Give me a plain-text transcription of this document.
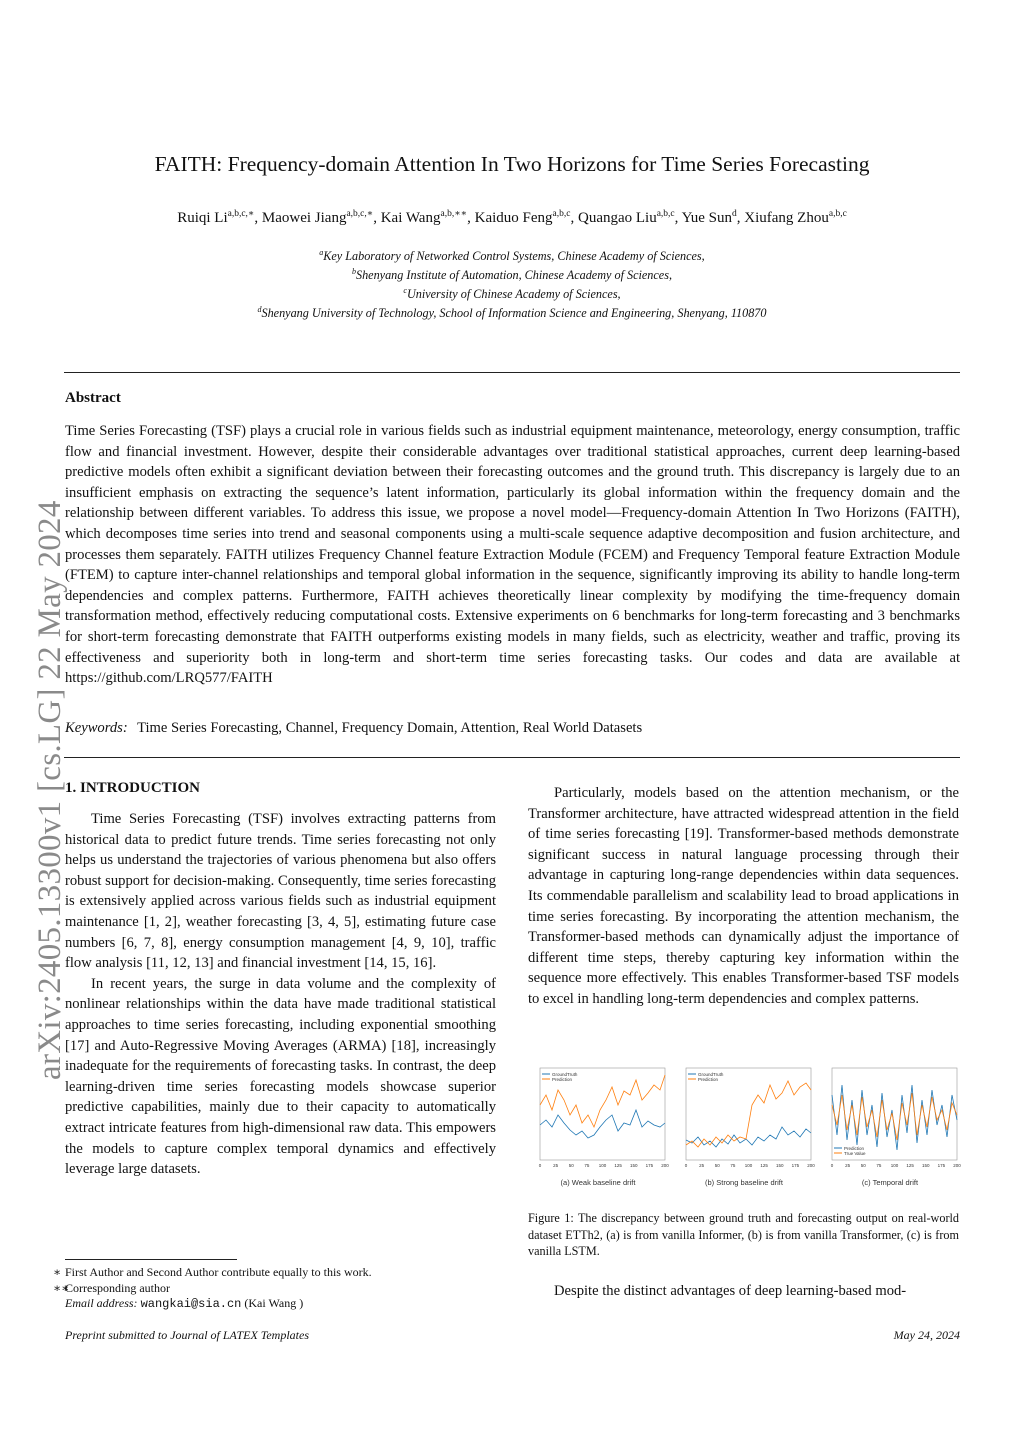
arXiv:2405.13300v1 [cs.LG] 22 May 2024
FAITH: Frequency-domain Attention In Two Horizons for Time Series Forecasting
Ruiqi $Li^{a,b,c,∗}$, Maowei Jiang$^{a,b,c,∗}$, Kai Wang$^{a,b,∗∗}$, Kaiduo Feng$^{a,b,c}$, Quangao Liu$^{a,b,c}$, Yue Sun$^d$, Xiufang Zhou$^{a,b,c}$
$^a$Key Laboratory of Networked Control Systems, Chinese Academy of Sciences,
$^b$Shenyang Institute of Automation, Chinese Academy of Sciences,
$^c$University of Chinese Academy of Sciences,
$^d$Shenyang University of Technology, School of Information Science and Engineering, Shenyang, 110870
Abstract
Time Series Forecasting (TSF) plays a crucial role in various fields such as industrial equipment maintenance, meteorology, energy consumption, traffic flow and financial investment. However, despite their considerable advantages over traditional statistical approaches, current deep learning-based predictive models often exhibit a significant deviation between their forecasting outcomes and the ground truth. This discrepancy is largely due to an insufficient emphasis on extracting the sequence’s latent information, particularly its global information within the frequency domain and the relationship between different variables. To address this issue, we propose a novel model—Frequency-domain Attention In Two Horizons (FAITH), which decomposes time series into trend and seasonal components using a multi-scale sequence adaptive decomposition and fusion architecture, and processes them separately. FAITH utilizes Frequency Channel feature Extraction Module (FCEM) and Frequency Temporal feature Extraction Module (FTEM) to capture inter-channel relationships and temporal global information in the sequence, significantly improving its ability to handle long-term dependencies and complex patterns. Furthermore, FAITH achieves theoretically linear complexity by modifying the time-frequency domain transformation method, effectively reducing computational costs. Extensive experiments on 6 benchmarks for long-term forecasting and 3 benchmarks for short-term forecasting demonstrate that FAITH outperforms existing models in many fields, such as electricity, weather and traffic, proving its effectiveness and superiority both in long-term and short-term time series forecasting tasks. Our codes and data are available at https://github.com/LRQ577/FAITH
Keywords: Time Series Forecasting, Channel, Frequency Domain, Attention, Real World Datasets
1. INTRODUCTION

Time Series Forecasting (TSF) involves extracting patterns from historical data to predict future trends. Time series forecasting not only helps us understand the trajectories of various phenomena but also offers robust support for decision-making. Consequently, time series forecasting is extensively applied across various fields such as industrial equipment maintenance [1, 2], weather forecasting [3, 4, 5], estimating future case numbers [6, 7, 8], energy consumption management [4, 9, 10], traffic flow analysis [11, 12, 13] and financial investment [14, 15, 16].

In recent years, the surge in data volume and the complexity of nonlinear relationships within the data have made traditional statistical approaches to time series forecasting, including exponential smoothing [17] and Auto-Regressive Moving Averages (ARMA) [18], increasingly inadequate for the requirements of forecasting tasks. In contrast, the deep learning-driven time series forecasting models showcase superior predictive capabilities, mainly due to their capacity to automatically extract intricate features from high-dimensional raw data. This empowers the models to capture complex temporal dynamics and effectively leverage large datasets.

Particularly, models based on the attention mechanism, or the Transformer architecture, have attracted widespread attention in the field of time series forecasting [19]. Transformer-based methods demonstrate significant success in natural language processing through their advantage in capturing long-range dependencies within data sequences. Its commendable parallelism and scalability lead to broad applications in time series forecasting. By incorporating the attention mechanism, the Transformer-based methods can dynamically adjust the importance of different time steps, thereby capturing key information within the sequence more effectively. This enables Transformer-based TSF models to excel in handling long-term dependencies and complex patterns.

GroundTruth
Prediction
0	25 50 75 100 125 150 175 200
(a) Weak baseline drift
GroundTruth
Prediction
0	25 50 75 100 125 150 175 200
(b) Strong baseline drift
Prediction
True Value
0	25 50 75 100 125 150 175 200
(c) Temporal drift
Figure 1: The discrepancy between ground truth and forecasting output on real-world dataset ETTh2, (a) is from vanilla Informer, (b) is from vanilla Transformer, (c) is from vanilla LSTM.

Despite the distinct advantages of deep learning-based mod-

∗ First Author and Second Author contribute equally to this work.
∗∗Corresponding author
Email address: wangkai@sia.cn (Kai Wang )
Preprint submitted to Journal of LATEX Templates	May 24, 2024
